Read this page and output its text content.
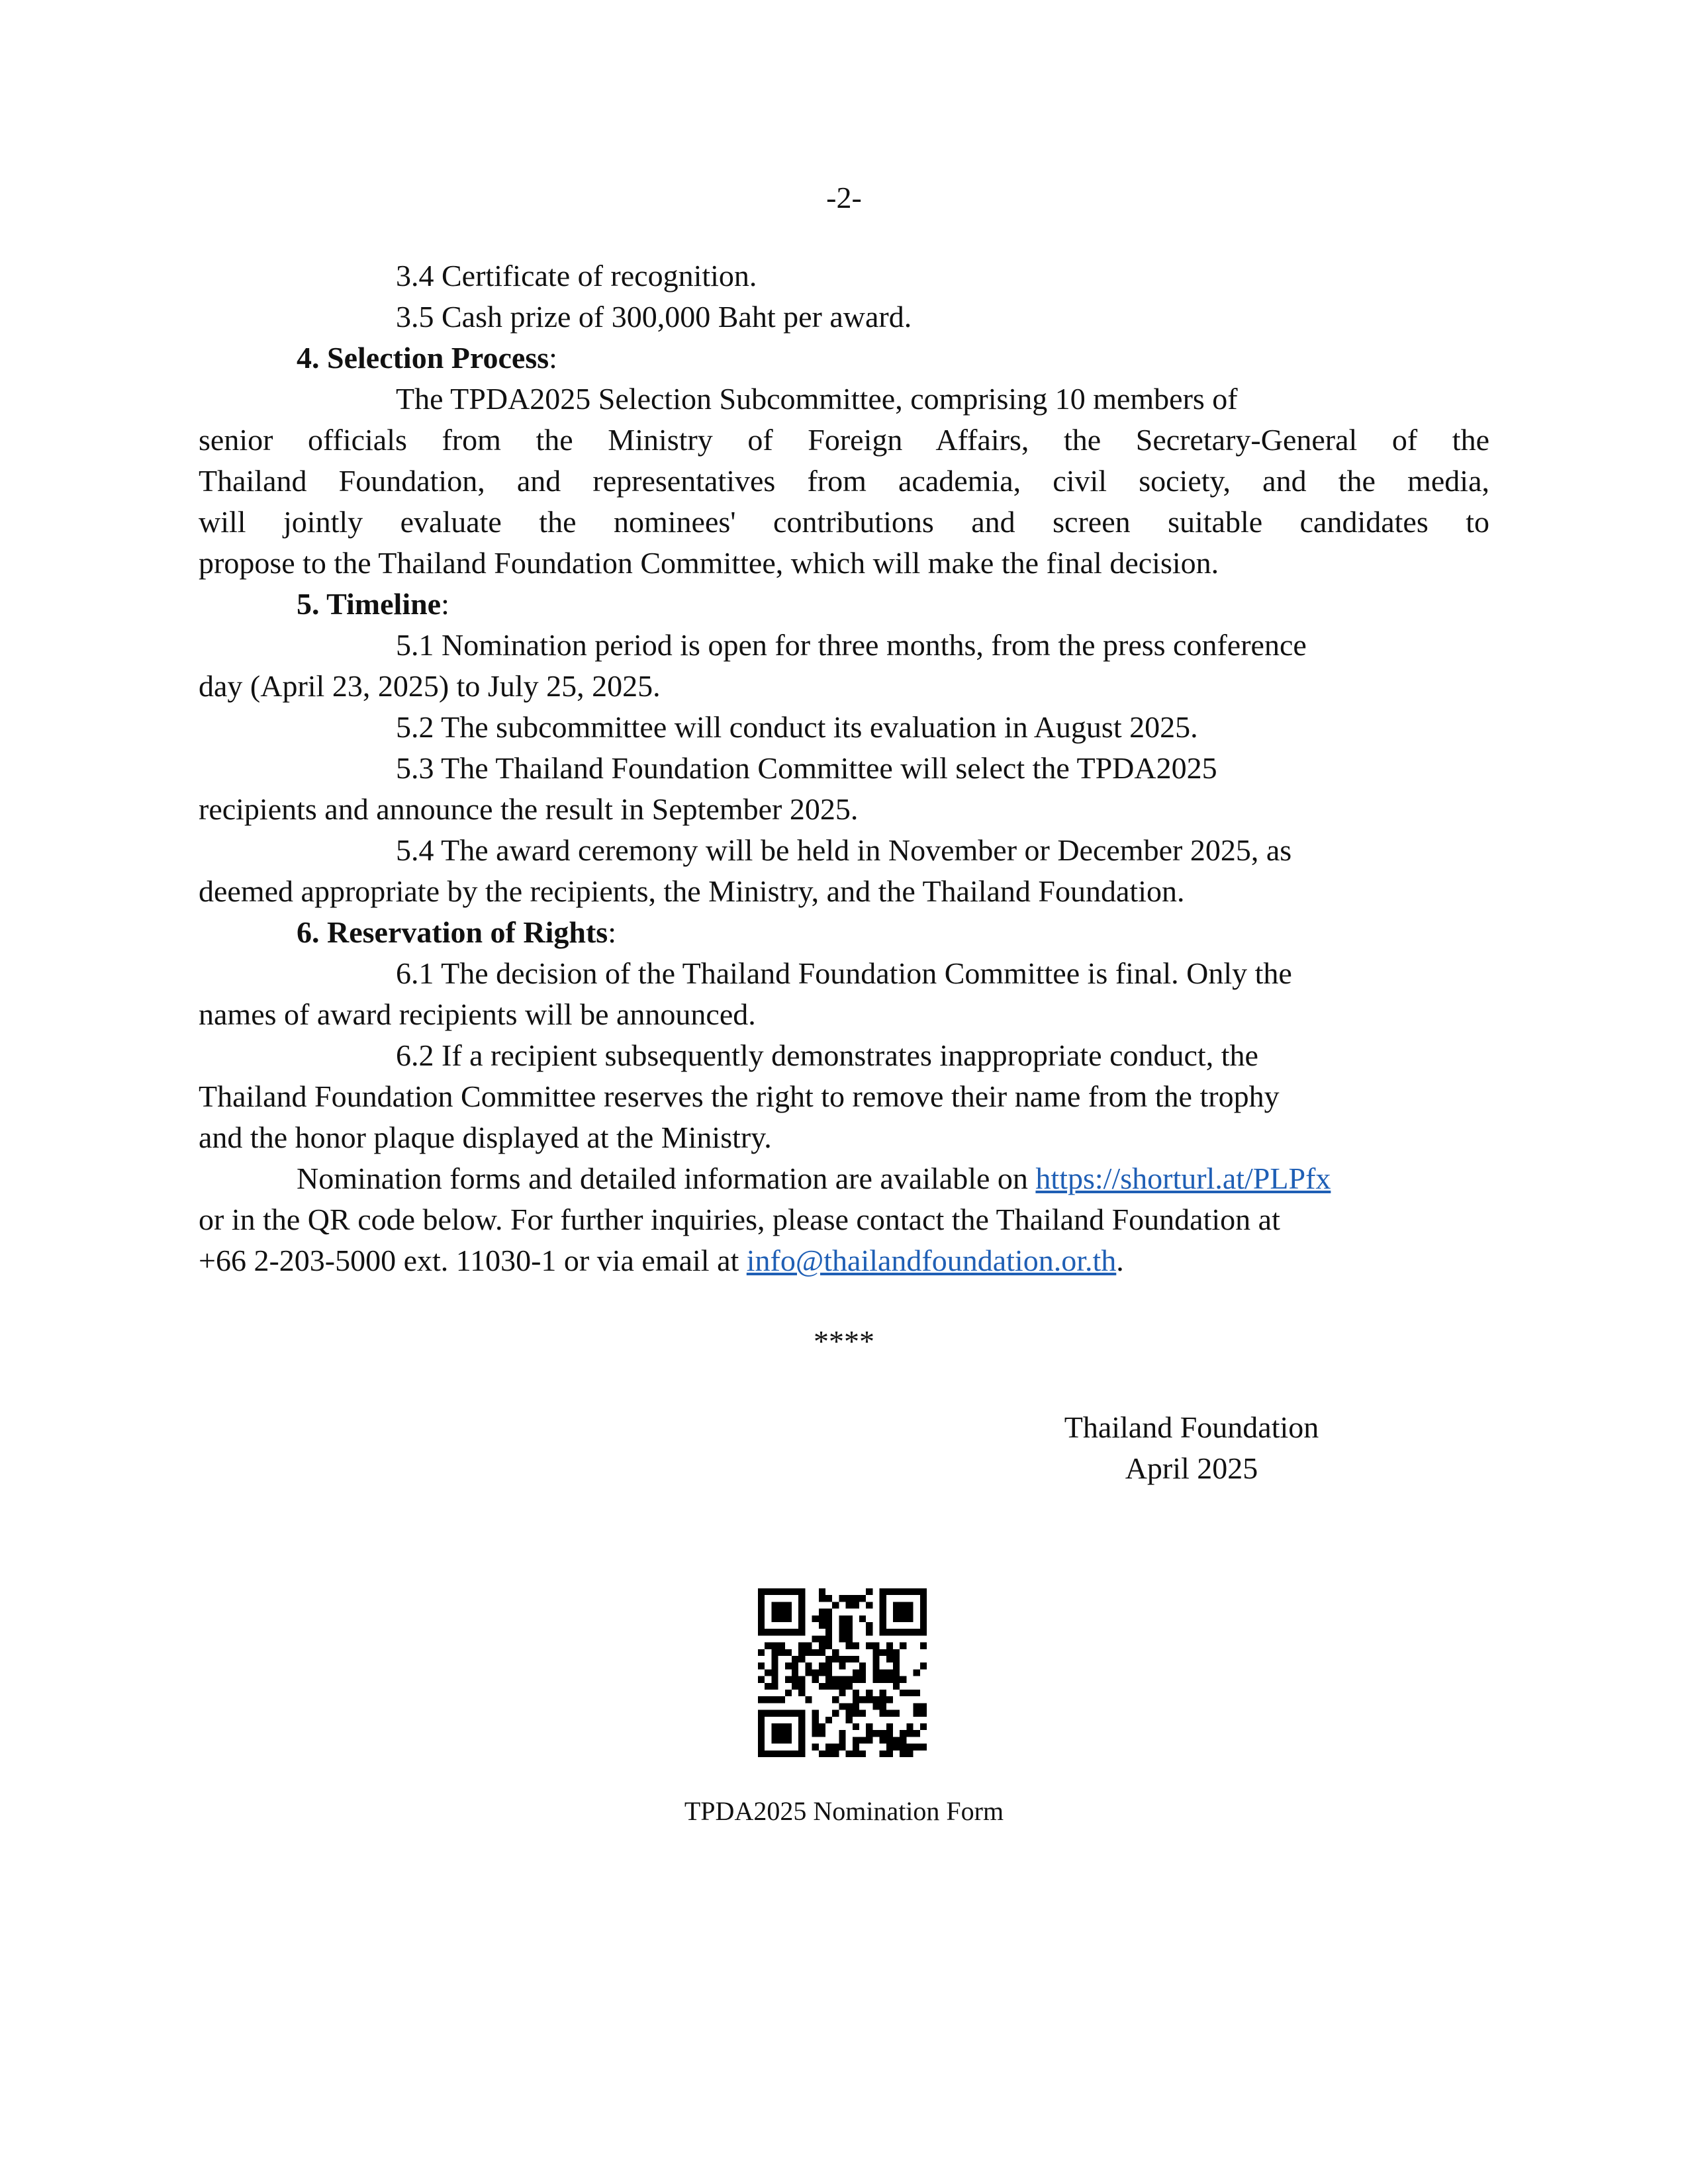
-2-
3.4 Certificate of recognition.
3.5 Cash prize of 300,000 Baht per award.
4. Selection Process:
The TPDA2025 Selection Subcommittee, comprising 10 members of
senior officials from the Ministry of Foreign Affairs, the Secretary-General of the
Thailand Foundation, and representatives from academia, civil society, and the media,
will jointly evaluate the nominees' contributions and screen suitable candidates to
propose to the Thailand Foundation Committee, which will make the final decision.
5. Timeline:
5.1 Nomination period is open for three months, from the press conference
day (April 23, 2025) to July 25, 2025.
5.2 The subcommittee will conduct its evaluation in August 2025.
5.3 The Thailand Foundation Committee will select the TPDA2025
recipients and announce the result in September 2025.
5.4 The award ceremony will be held in November or December 2025, as
deemed appropriate by the recipients, the Ministry, and the Thailand Foundation.
6. Reservation of Rights:
6.1 The decision of the Thailand Foundation Committee is final. Only the
names of award recipients will be announced.
6.2 If a recipient subsequently demonstrates inappropriate conduct, the
Thailand Foundation Committee reserves the right to remove their name from the trophy
and the honor plaque displayed at the Ministry.
Nomination forms and detailed information are available on https://shorturl.at/PLPfx
or in the QR code below. For further inquiries, please contact the Thailand Foundation at
+66 2-203-5000 ext. 11030-1 or via email at info@thailandfoundation.or.th.
****
Thailand Foundation
April 2025
TPDA2025 Nomination Form
